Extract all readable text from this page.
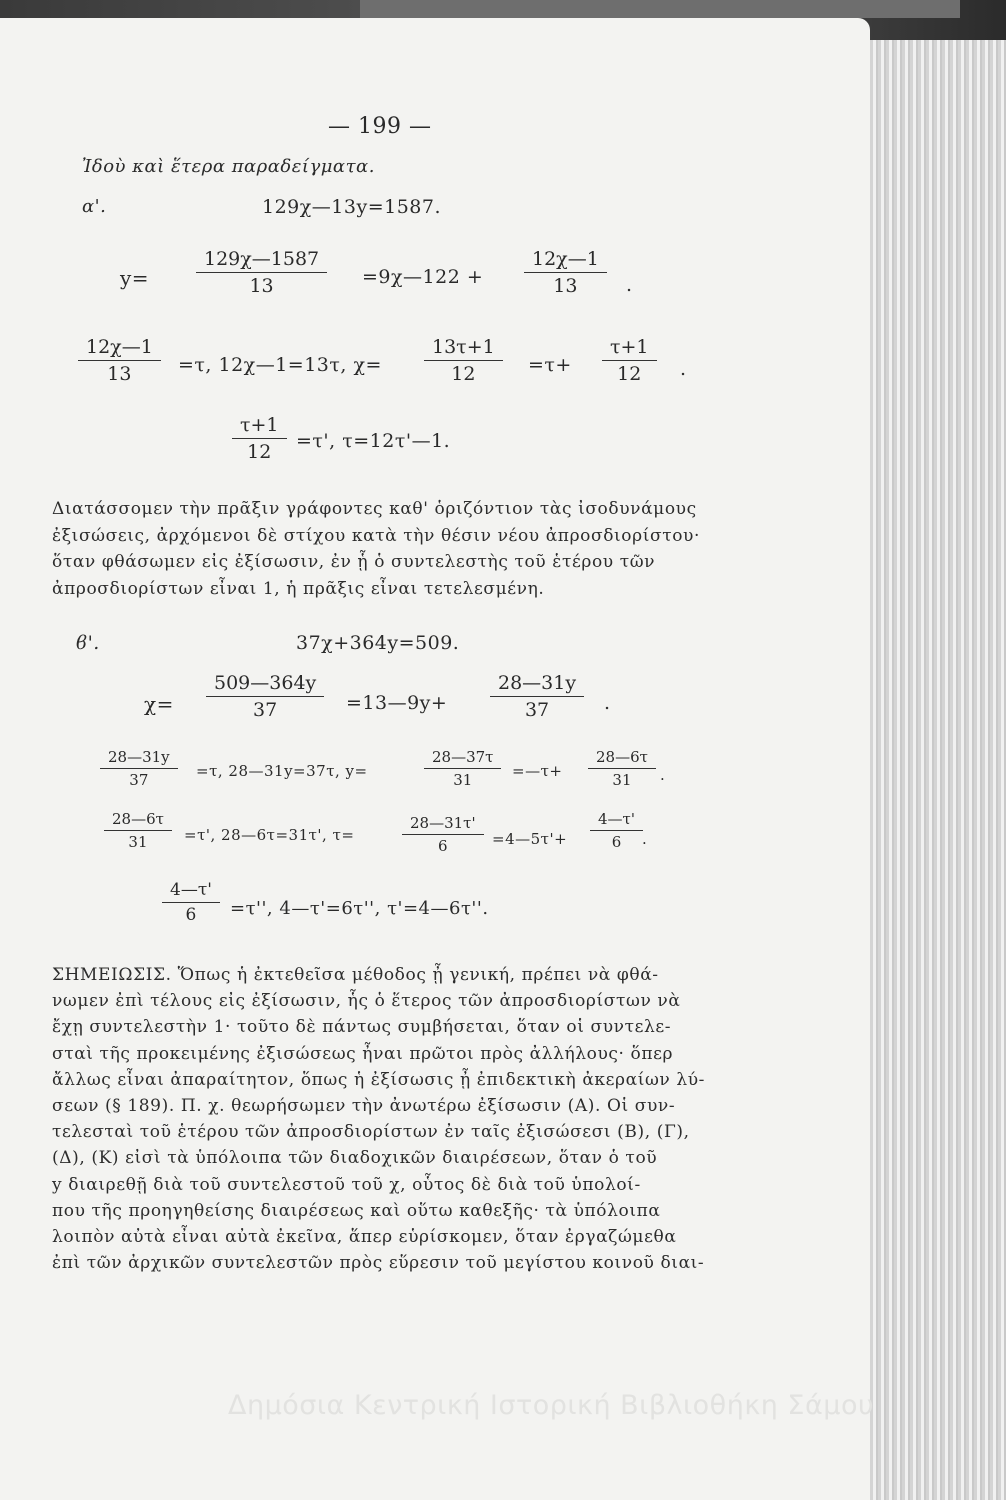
— 199 —
Ἰδοὺ καὶ ἕτερα παραδείγματα.
α'.	129χ—13y=1587.
y=	$\frac{129\chi—1587}{13}$ =9χ—122 + $\frac{12\chi—1}{13}$ .
$\frac{12\chi—1}{13} =\tau$, 12χ—1=13τ, $\chi= \frac{13\tau+1}{12} =\tau+ \frac{\tau+1}{12}$ .
$\frac{\tau+1}{12} =\tau'$, τ=12τ'—1.
Διατάσσομεν τὴν πρᾶξιν γράφοντες καθ' ὁριζόντιον τὰς ἰσοδυνάμους
ἐξισώσεις, ἀρχόμενοι δὲ στίχου κατὰ τὴν θέσιν νέου ἀπροσδιορίστου·
ὅταν φθάσωμεν εἰς ἐξίσωσιν, ἐν ᾗ ὁ συντελεστὴς τοῦ ἑτέρου τῶν
ἀπροσδιορίστων εἶναι 1, ἡ πρᾶξις εἶναι τετελεσμένη.
ϐ'.	37χ+364y=509.
$\chi= \frac{509—364y}{37}$ =13—9y+ $\frac{28—31y}{37}$ .
$\frac{28—31y}{37} =\tau$, 28—31y=37τ, y=	$\frac{28—37\tau}{31}$ =—τ+ $\frac{28—6\tau}{31}$ .
$\frac{28—6\tau}{31} =\tau'$, 28—6τ=31τ', τ=	$\frac{28—31\tau'}{6}$ =4—5τ'+ $\frac{4—\tau'}{6}$ .
$\frac{4—\tau'}{6} =\tau''$, 4—τ'=6τ'', τ'=4—6τ''.
ΣΗΜΕΙΩΣΙΣ. Ὅπως ἡ ἐκτεθεῖσα μέθοδος ᾖ γενική, πρέπει νὰ φθά-
νωμεν ἐπὶ τέλους εἰς ἐξίσωσιν, ἧς ὁ ἕτερος τῶν ἀπροσδιορίστων νὰ
ἔχῃ συντελεστὴν 1· τοῦτο δὲ πάντως συμβήσεται, ὅταν οἱ συντελε-
σταὶ τῆς προκειμένης ἐξισώσεως ἦναι πρῶτοι πρὸς ἀλλήλους· ὅπερ
ἄλλως εἶναι ἀπαραίτητον, ὅπως ἡ ἐξίσωσις ᾖ ἐπιδεκτικὴ ἀκεραίων λύ-
σεων (§ 189). Π. χ. θεωρήσωμεν τὴν ἀνωτέρω ἐξίσωσιν (Α). Οἱ συν-
τελεσταὶ τοῦ ἑτέρου τῶν ἀπροσδιορίστων ἐν ταῖς ἐξισώσεσι (Β), (Γ),
(Δ), (Κ) εἰσὶ τὰ ὑπόλοιπα τῶν διαδοχικῶν διαιρέσεων, ὅταν ὁ τοῦ
y διαιρεθῇ διὰ τοῦ συντελεστοῦ τοῦ χ, οὗτος δὲ διὰ τοῦ ὑπολοί-
που τῆς προηγηθείσης διαιρέσεως καὶ οὕτω καθεξῆς· τὰ ὑπόλοιπα
λοιπὸν αὐτὰ εἶναι αὐτὰ ἐκεῖνα, ἅπερ εὑρίσκομεν, ὅταν ἐργαζώμεθα
ἐπὶ τῶν ἀρχικῶν συντελεστῶν πρὸς εὕρεσιν τοῦ μεγίστου κοινοῦ διαι-
Δημόσια Κεντρική Ιστορική Βιβλιοθήκη Σάμου
